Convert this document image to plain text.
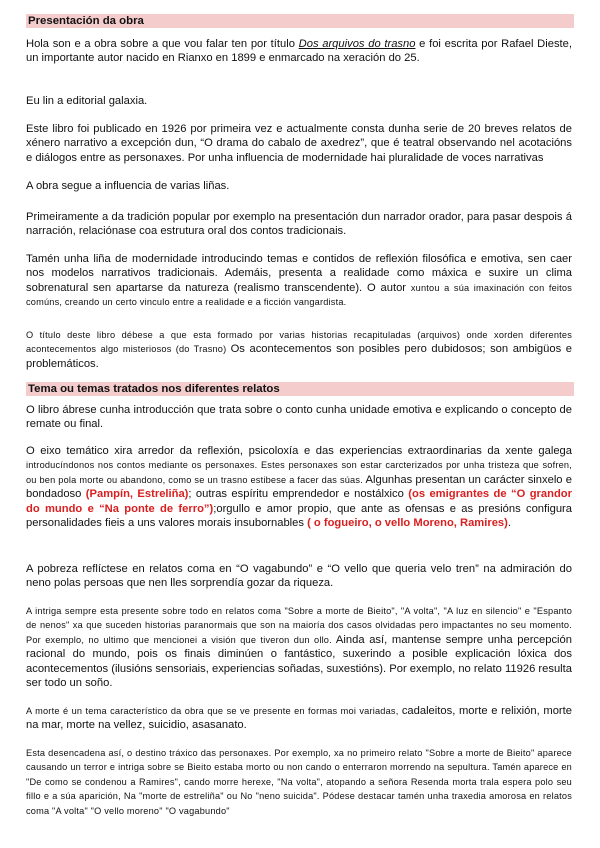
Presentación da obra

Hola son e a obra sobre a que vou falar ten por título Dos arquivos do trasno e foi escrita por Rafael Dieste, un importante autor nacido en Rianxo en 1899 e enmarcado na xeración do 25.

Eu lin a editorial galaxia.

Este libro foi publicado en 1926 por primeira vez e actualmente consta dunha serie de 20 breves relatos de xénero narrativo a excepción dun, “O drama do cabalo de axedrez”, que é teatral observando nel acotacións e diálogos entre as personaxes. Por unha influencia de modernidade hai pluralidade de voces narrativas

A obra segue a influencia de varias liñas.

Primeiramente a da tradición popular por exemplo na presentación dun narrador orador, para pasar despois á narración, relaciónase coa estrutura oral dos contos tradicionais.

Tamén unha liña de modernidade introducindo temas e contidos de reflexión filosófica e emotiva, sen caer nos modelos narrativos tradicionais. Ademáis, presenta a realidade como máxica e suxire un clima sobrenatural sen apartarse da natureza (realismo transcendente). O autor xuntou a súa imaxinación con feitos comúns, creando un certo vinculo entre a realidade e a ficción vangardista.

O título deste libro débese a que esta formado por varias historias recapituladas (arquivos) onde xorden diferentes acontecementos algo misteriosos (do Trasno) Os acontecementos son posibles pero dubidosos; son ambigüos e problemáticos.

Tema ou temas tratados nos diferentes relatos

O libro ábrese cunha introducción que trata sobre o conto cunha unidade emotiva e explicando o concepto de remate ou final.

O eixo temático xira arredor da reflexión, psicoloxía e das experiencias extraordinarias da xente galega introducíndonos nos contos mediante os personaxes. Estes personaxes son estar carcterizados por unha tristeza que sofren, ou ben pola morte ou abandono, como se un trasno estibese a facer das súas. Algunhas presentan un carácter sinxelo e bondadoso (Pampín, Estreliña); outras espíritu emprendedor e nostálxico (os emigrantes de “O grandor do mundo e “Na ponte de ferro”);orgullo e amor propio, que ante as ofensas e as presións configura personalidades fieis a uns valores morais insubornables ( o fogueiro, o vello Moreno, Ramires).

A pobreza reflíctese en relatos coma en “O vagabundo” e “O vello que queria velo tren” na admiración do neno polas persoas que nen lles sorprendía gozar da riqueza.

A intriga sempre esta presente sobre todo en relatos coma "Sobre a morte de Bieito", "A volta", "A luz en silencio" e "Espanto de nenos" xa que suceden historias paranormais que son na maioría dos casos olvidadas pero impactantes no seu momento. Por exemplo, no ultimo que mencionei a visión que tiveron dun ollo. Ainda así, mantense sempre unha percepción racional do mundo, pois os finais diminúen o fantástico, suxerindo a posible explicación lóxica dos acontecementos (ilusións sensoriais, experiencias soñadas, suxestións). Por exemplo, no relato 11926 resulta ser todo un soño.

A morte é un tema característico da obra que se ve presente en formas moi variadas, cadaleitos, morte e relixión, morte na mar, morte na vellez, suicidio, asasanato.

Esta desencadena así, o destino tráxico das personaxes. Por exemplo, xa no primeiro relato "Sobre a morte de Bieito" aparece causando un terror e intriga sobre se Bieito estaba morto ou non cando o enterraron morrendo na sepultura. Tamén aparece en "De como se condenou a Ramires", cando morre herexe, "Na volta", atopando a señora Resenda morta trala espera polo seu fillo e a súa aparición, Na "morte de estreliña" ou No "neno suicida". Pódese destacar tamén unha traxedia amorosa en relatos coma "A volta" "O vello moreno" "O vagabundo"
